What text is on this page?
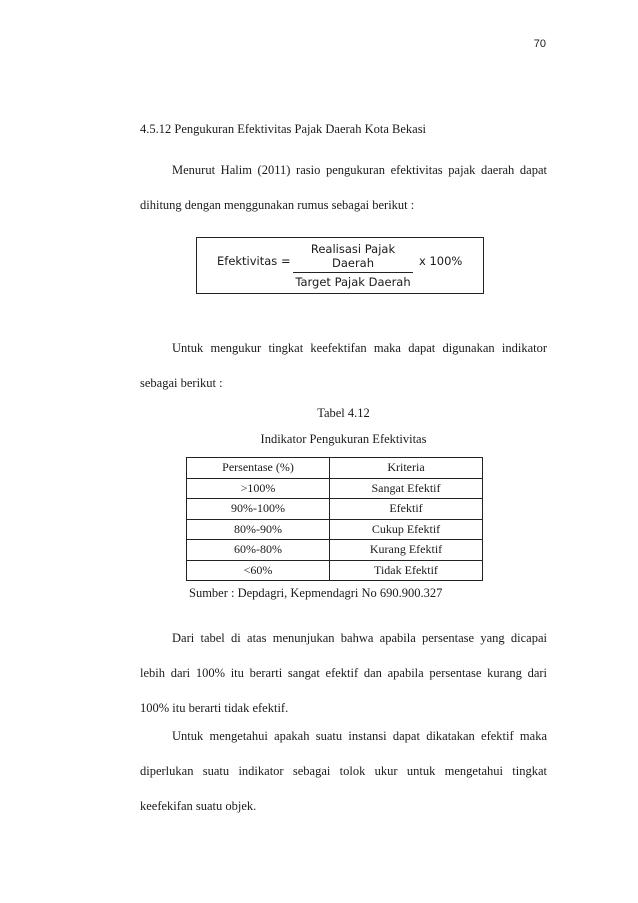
70
4.5.12 Pengukuran Efektivitas Pajak Daerah Kota Bekasi
Menurut Halim (2011) rasio pengukuran efektivitas pajak daerah dapat
dihitung dengan menggunakan rumus sebagai berikut :
Efektivitas =
Realisasi Pajak Daerah
Target Pajak Daerah
x 100%
Untuk mengukur tingkat keefektifan maka dapat digunakan indikator
sebagai berikut :
Tabel 4.12
Indikator Pengukuran Efektivitas
Persentase (%)	Kriteria
>100%	Sangat Efektif
90%-100%	Efektif
80%-90%	Cukup Efektif
60%-80%	Kurang Efektif
<60%	Tidak Efektif
Sumber : Depdagri, Kepmendagri No 690.900.327
Dari tabel di atas menunjukan bahwa apabila persentase yang dicapai
lebih dari 100% itu berarti sangat efektif dan apabila persentase kurang dari
100% itu berarti tidak efektif.
Untuk mengetahui apakah suatu instansi dapat dikatakan efektif maka
diperlukan suatu indikator sebagai tolok ukur untuk mengetahui tingkat
keefekifan suatu objek.
